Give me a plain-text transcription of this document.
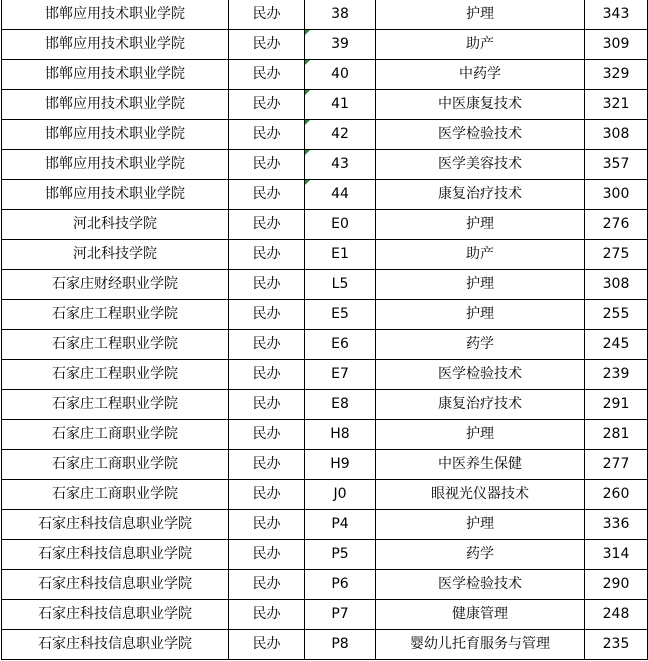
邯郸应用技术职业学院	民办	38	护理	343
邯郸应用技术职业学院	民办	39	助产	309
邯郸应用技术职业学院	民办	40	中药学	329
邯郸应用技术职业学院	民办	41	中医康复技术	321
邯郸应用技术职业学院	民办	42	医学检验技术	308
邯郸应用技术职业学院	民办	43	医学美容技术	357
邯郸应用技术职业学院	民办	44	康复治疗技术	300
河北科技学院	民办	E0	护理	276
河北科技学院	民办	E1	助产	275
石家庄财经职业学院	民办	L5	护理	308
石家庄工程职业学院	民办	E5	护理	255
石家庄工程职业学院	民办	E6	药学	245
石家庄工程职业学院	民办	E7	医学检验技术	239
石家庄工程职业学院	民办	E8	康复治疗技术	291
石家庄工商职业学院	民办	H8	护理	281
石家庄工商职业学院	民办	H9	中医养生保健	277
石家庄工商职业学院	民办	J0	眼视光仪器技术	260
石家庄科技信息职业学院	民办	P4	护理	336
石家庄科技信息职业学院	民办	P5	药学	314
石家庄科技信息职业学院	民办	P6	医学检验技术	290
石家庄科技信息职业学院	民办	P7	健康管理	248
石家庄科技信息职业学院	民办	P8	婴幼儿托育服务与管理	235
